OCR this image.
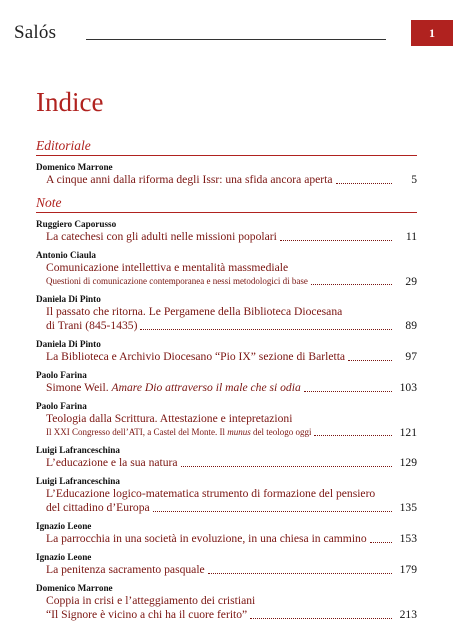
Salós	1
Indice
Editoriale
Domenico Marrone
A cinque anni dalla riforma degli Issr: una sfida ancora aperta	5
Note
Ruggiero Caporusso
La catechesi con gli adulti nelle missioni popolari	11
Antonio Ciaula
Comunicazione intellettiva e mentalità massmediale
Questioni di comunicazione contemporanea e nessi metodologici di base	29
Daniela Di Pinto
Il passato che ritorna. Le Pergamene della Biblioteca Diocesana
di Trani (845-1435)	89
Daniela Di Pinto
La Biblioteca e Archivio Diocesano “Pio IX” sezione di Barletta	97
Paolo Farina
Simone Weil. Amare Dio attraverso il male che si odia	103
Paolo Farina
Teologia dalla Scrittura. Attestazione e intepretazioni
Il XXI Congresso dell’ATI, a Castel del Monte. Il munus del teologo oggi	121
Luigi Lafranceschina
L’educazione e la sua natura	129
Luigi Lafranceschina
L’Educazione logico-matematica strumento di formazione del pensiero
del cittadino d’Europa	135
Ignazio Leone
La parrocchia in una società in evoluzione, in una chiesa in cammino	153
Ignazio Leone
La penitenza sacramento pasquale	179
Domenico Marrone
Coppia in crisi e l’atteggiamento dei cristiani
“Il Signore è vicino a chi ha il cuore ferito”	213
